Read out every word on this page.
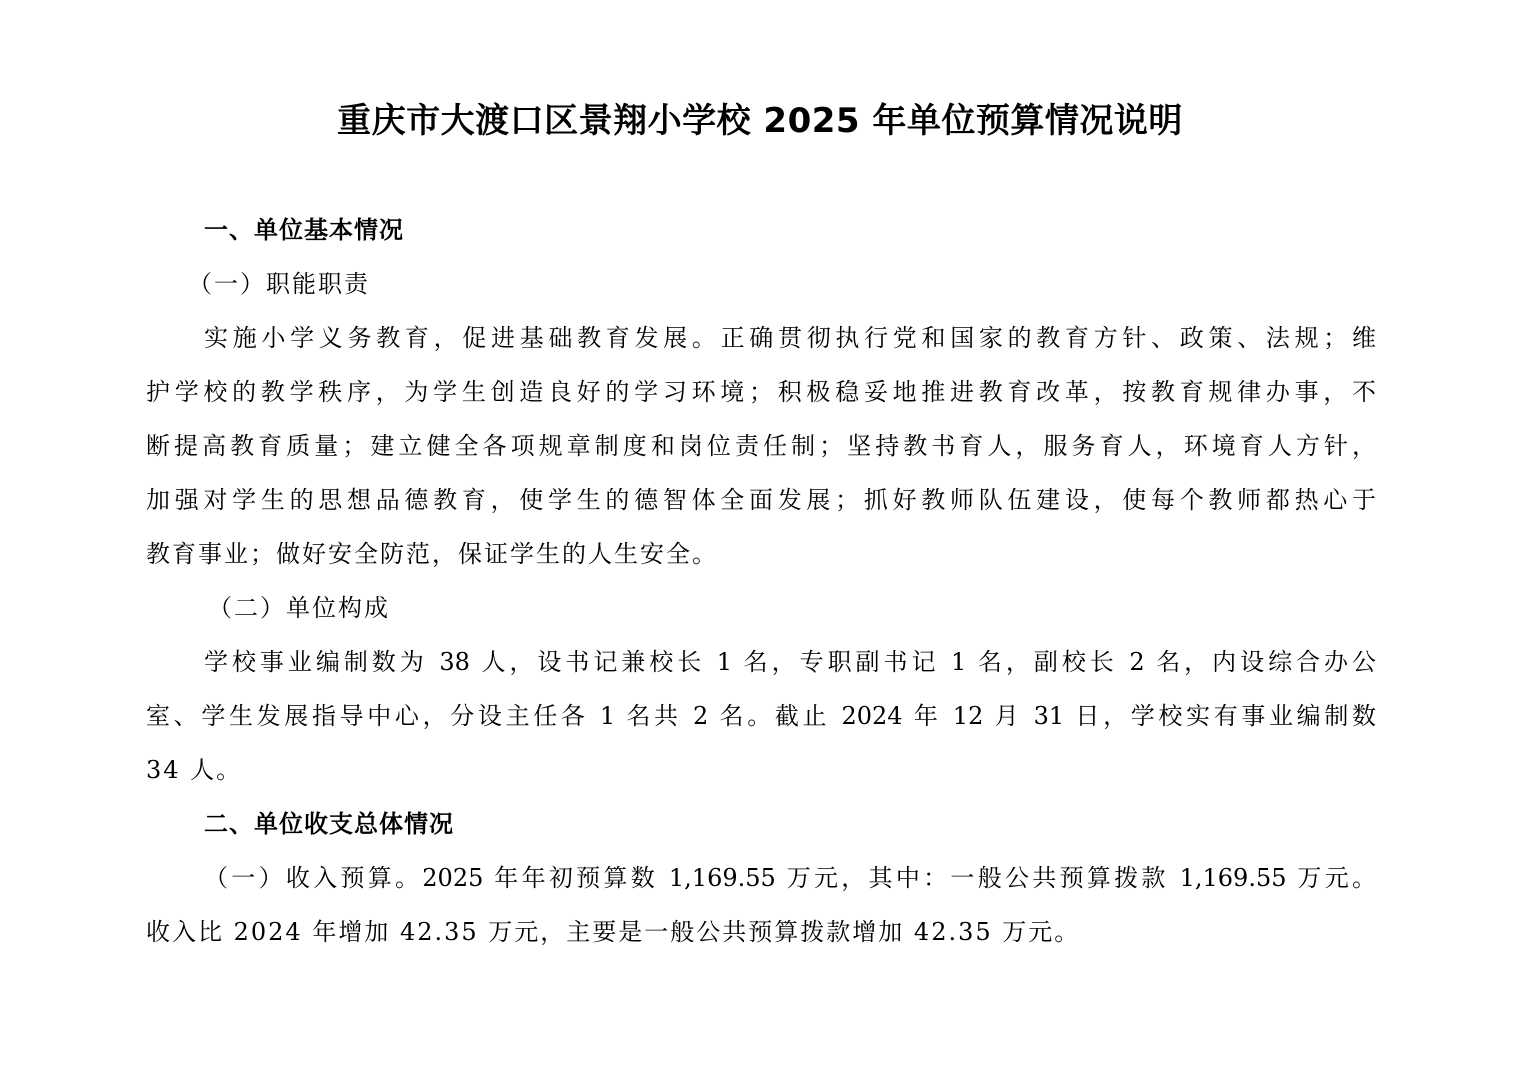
重庆市大渡口区景翔小学校 2025 年单位预算情况说明
一、单位基本情况
（一）职能职责
实施小学义务教育，促进基础教育发展。正确贯彻执行党和国家的教育方针、政策、法规；维
护学校的教学秩序，为学生创造良好的学习环境；积极稳妥地推进教育改革，按教育规律办事，不
断提高教育质量；建立健全各项规章制度和岗位责任制；坚持教书育人，服务育人，环境育人方针，
加强对学生的思想品德教育，使学生的德智体全面发展；抓好教师队伍建设，使每个教师都热心于
教育事业；做好安全防范，保证学生的人生安全。
（二）单位构成
学校事业编制数为 38 人，设书记兼校长 1 名，专职副书记 1 名，副校长 2 名，内设综合办公
室、学生发展指导中心，分设主任各 1 名共 2 名。截止 2024 年 12 月 31 日，学校实有事业编制数
34 人。
二、单位收支总体情况
（一）收入预算。2025 年年初预算数 1,169.55 万元，其中：一般公共预算拨款 1,169.55 万元。
收入比 2024 年增加 42.35 万元，主要是一般公共预算拨款增加 42.35 万元。
